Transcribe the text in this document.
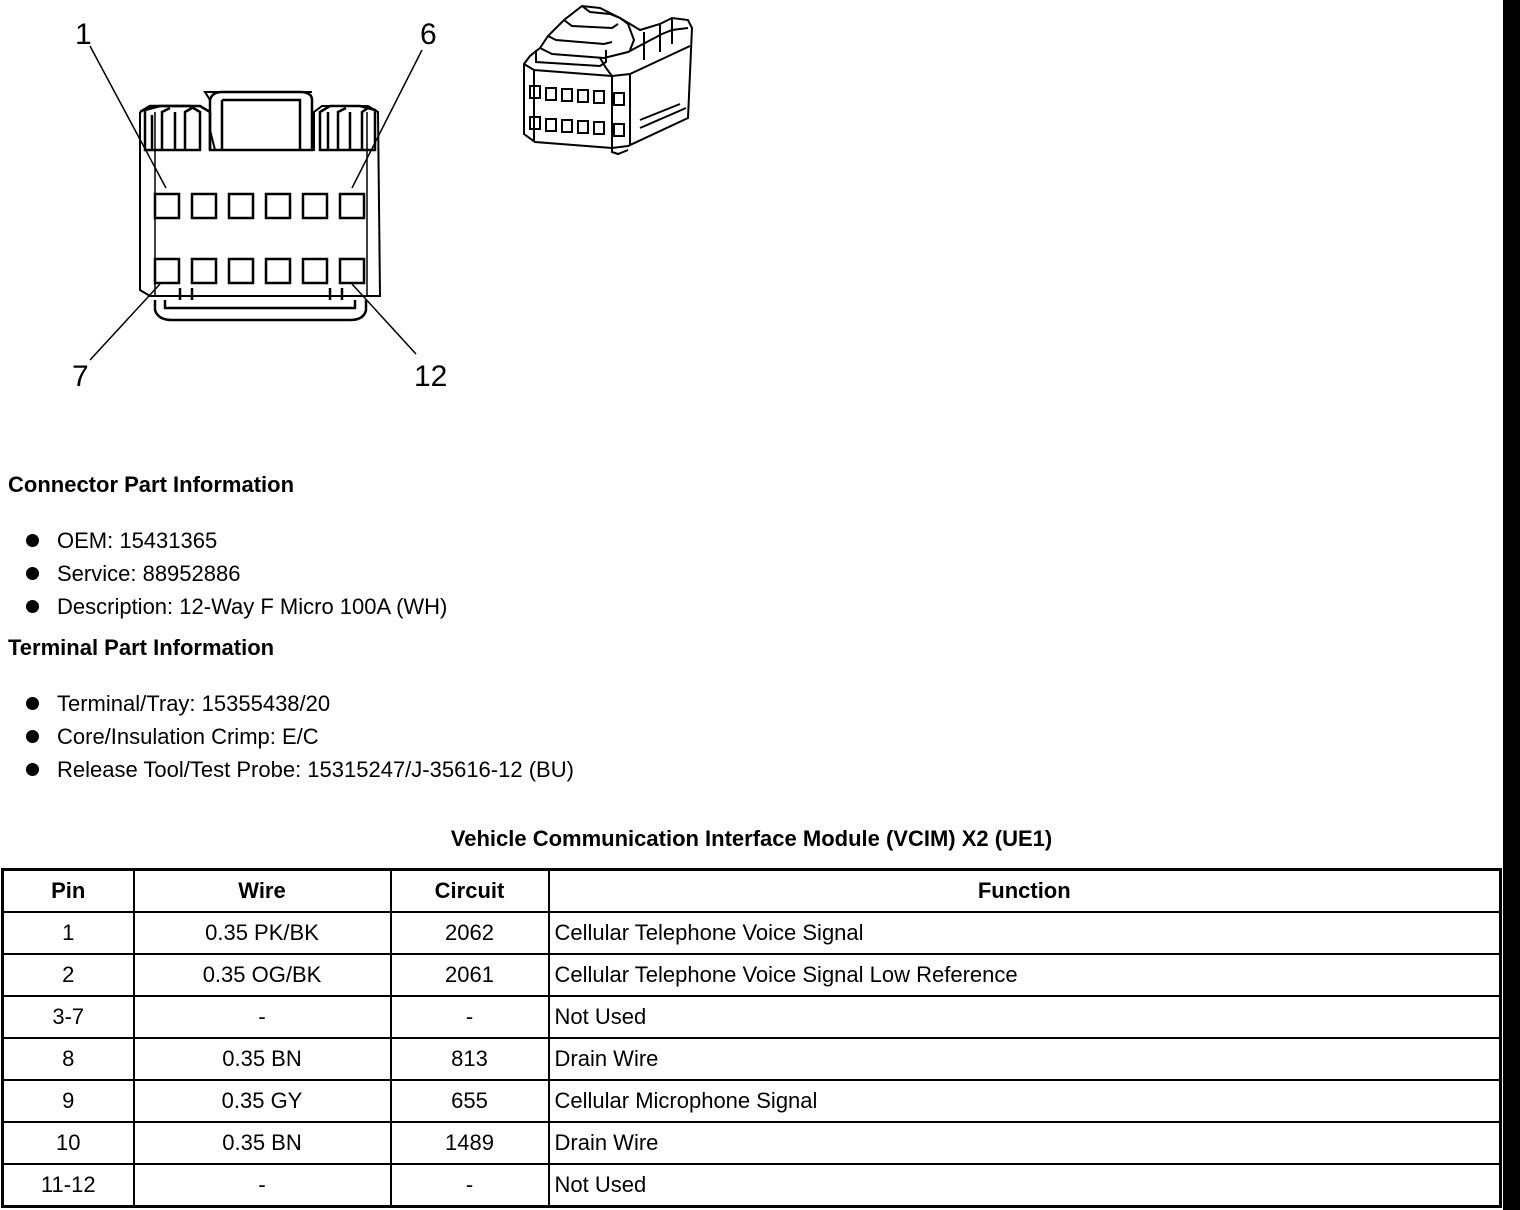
1	6
7	12
Connector Part Information
OEM: 15431365
Service: 88952886
Description: 12-Way F Micro 100A (WH)
Terminal Part Information
Terminal/Tray: 15355438/20
Core/Insulation Crimp: E/C
Release Tool/Test Probe: 15315247/J-35616-12 (BU)
Vehicle Communication Interface Module (VCIM) X2 (UE1)
Pin	Wire	Circuit	Function
1	0.35 PK/BK	2062	Cellular Telephone Voice Signal
2	0.35 OG/BK	2061	Cellular Telephone Voice Signal Low Reference
3-7	-	-	Not Used
8	0.35 BN	813	Drain Wire
9	0.35 GY	655	Cellular Microphone Signal
10	0.35 BN	1489	Drain Wire
11-12	-	-	Not Used
